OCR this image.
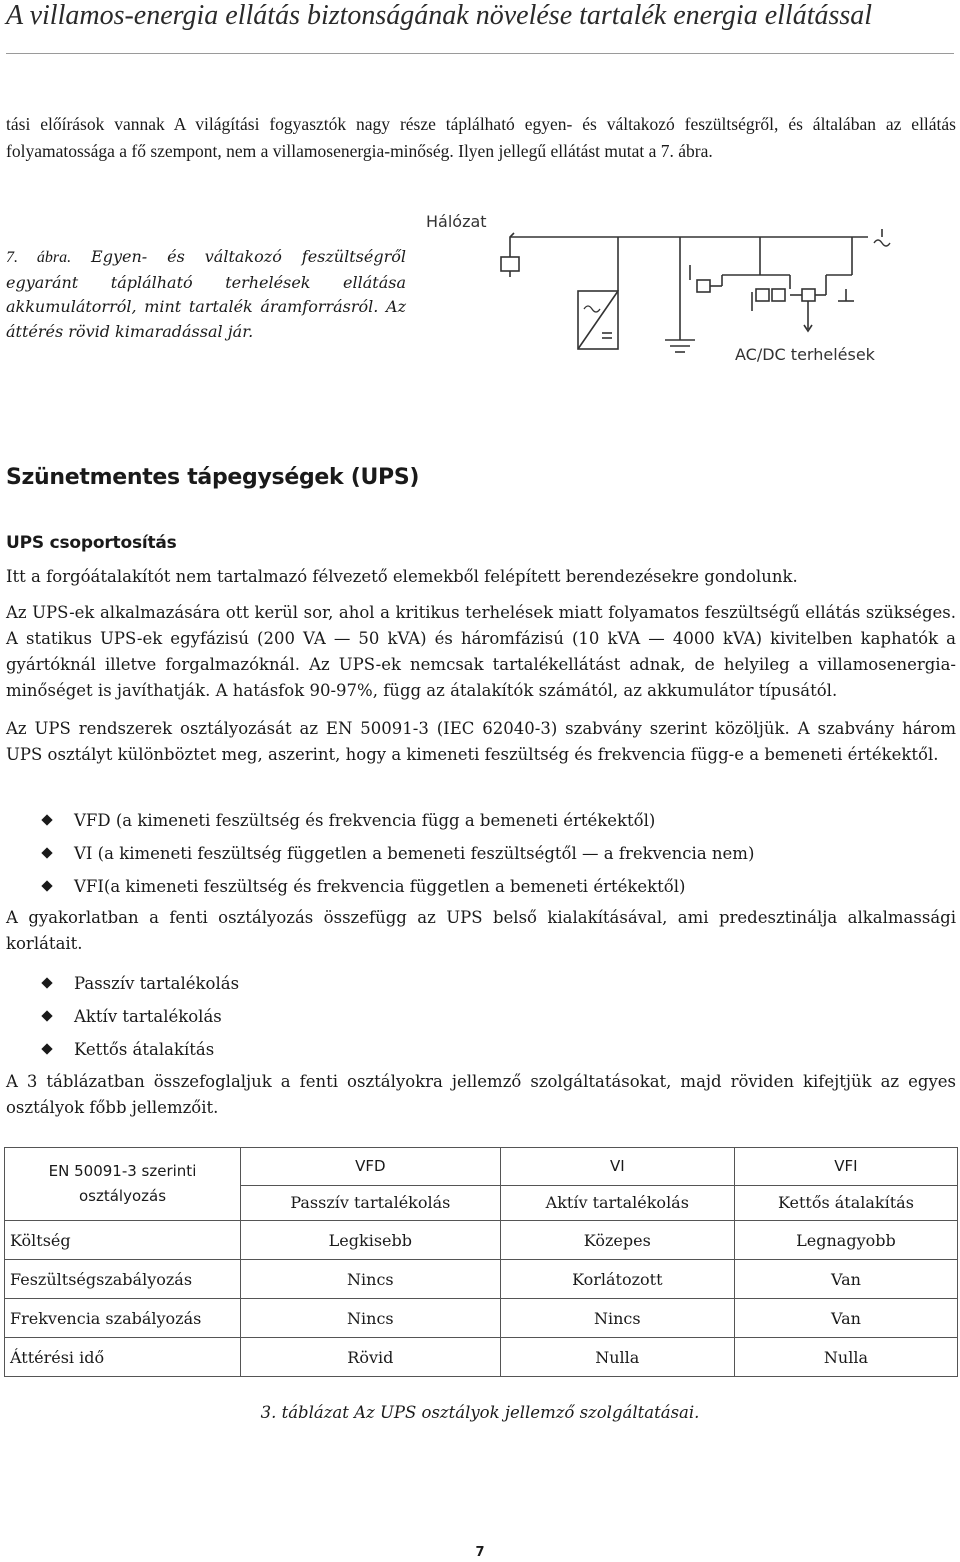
A villamos-energia ellátás biztonságának növelése tartalék energia ellátással
tási előírások vannak A világítási fogyasztók nagy része táplálható egyen- és váltakozó feszültségről, és általában az ellátás folyamatossága a fő szempont, nem a villamosenergia-minőség. Ilyen jellegű ellátást mutat a 7. ábra.
7. ábra. Egyen- és váltakozó feszültségről egyaránt táplálható terhelések ellátása akkumulátorról, mint tartalék áramforrásról. Az áttérés rövid kimaradással jár.
Hálózat
AC/DC terhelések
Szünetmentes tápegységek (UPS)
UPS csoportosítás
Itt a forgóátalakítót nem tartalmazó félvezető elemekből felépített berendezésekre gondolunk.
Az UPS-ek alkalmazására ott kerül sor, ahol a kritikus terhelések miatt folyamatos feszültségű ellátás szükséges. A statikus UPS-ek egyfázisú (200 VA — 50 kVA) és háromfázisú (10 kVA — 4000 kVA) kivitelben kaphatók a gyártóknál illetve forgalmazóknál. Az UPS-ek nemcsak tartalékellátást adnak, de helyileg a villamosenergia-minőséget is javíthatják. A hatásfok 90-97%, függ az átalakítók számától, az akkumulátor típusától.
Az UPS rendszerek osztályozását az EN 50091-3 (IEC 62040-3) szabvány szerint közöljük. A szabvány három UPS osztályt különböztet meg, aszerint, hogy a kimeneti feszültség és frekvencia függ-e a bemeneti értékektől.
VFD (a kimeneti feszültség és frekvencia függ a bemeneti értékektől)
VI (a kimeneti feszültség független a bemeneti feszültségtől — a frekvencia nem)
VFI(a kimeneti feszültség és frekvencia független a bemeneti értékektől)
A gyakorlatban a fenti osztályozás összefügg az UPS belső kialakításával, ami predesztinálja alkalmassági korlátait.
Passzív tartalékolás
Aktív tartalékolás
Kettős átalakítás
A 3 táblázatban összefoglaljuk a fenti osztályokra jellemző szolgáltatásokat, majd röviden kifejtjük az egyes osztályok főbb jellemzőit.
EN 50091-3 szerinti osztályozás	VFD	VI	VFI
	Passzív tartalékolás	Aktív tartalékolás	Kettős átalakítás
Költség	Legkisebb	Közepes	Legnagyobb
Feszültségszabályozás	Nincs	Korlátozott	Van
Frekvencia szabályozás	Nincs	Nincs	Van
Áttérési idő	Rövid	Nulla	Nulla
3. táblázat Az UPS osztályok jellemző szolgáltatásai.
7
